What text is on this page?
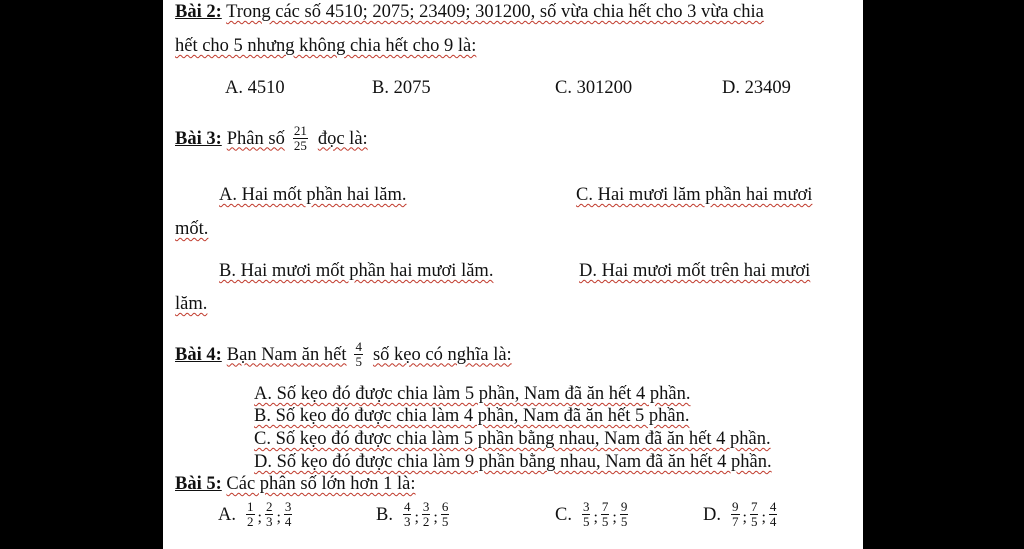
Bài 2: Trong các số 4510; 2075; 23409; 301200, số vừa chia hết cho 3 vừa chia
hết cho 5 nhưng không chia hết cho 9 là:
A. 4510	B. 2075	C. 301200	D. 23409
Bài 3: Phân số $\frac{21}{25}$ đọc là:
A. Hai mốt phần hai lăm.	C. Hai mươi lăm phần hai mươi
mốt.
B. Hai mươi mốt phần hai mươi lăm.	D. Hai mươi mốt trên hai mươi
lăm.
Bài 4: Bạn Nam ăn hết $\frac{4}{5}$ số kẹo có nghĩa là:
A. Số kẹo đó được chia làm 5 phần, Nam đã ăn hết 4 phần.
B. Số kẹo đó được chia làm 4 phần, Nam đã ăn hết 5 phần.
C. Số kẹo đó được chia làm 5 phần bằng nhau, Nam đã ăn hết 4 phần.
D. Số kẹo đó được chia làm 9 phần bằng nhau, Nam đã ăn hết 4 phần.
Bài 5: Các phân số lớn hơn 1 là:
A. $\frac{1}{2}$ ; $\frac{2}{3}$ ; $\frac{3}{4}$	B. $\frac{4}{3}$ ; $\frac{3}{2}$ ; $\frac{6}{5}$	C. $\frac{3}{5}$ ; $\frac{7}{5}$ ; $\frac{9}{5}$	D. $\frac{9}{7}$ ; $\frac{7}{5}$ ; $\frac{4}{4}$
